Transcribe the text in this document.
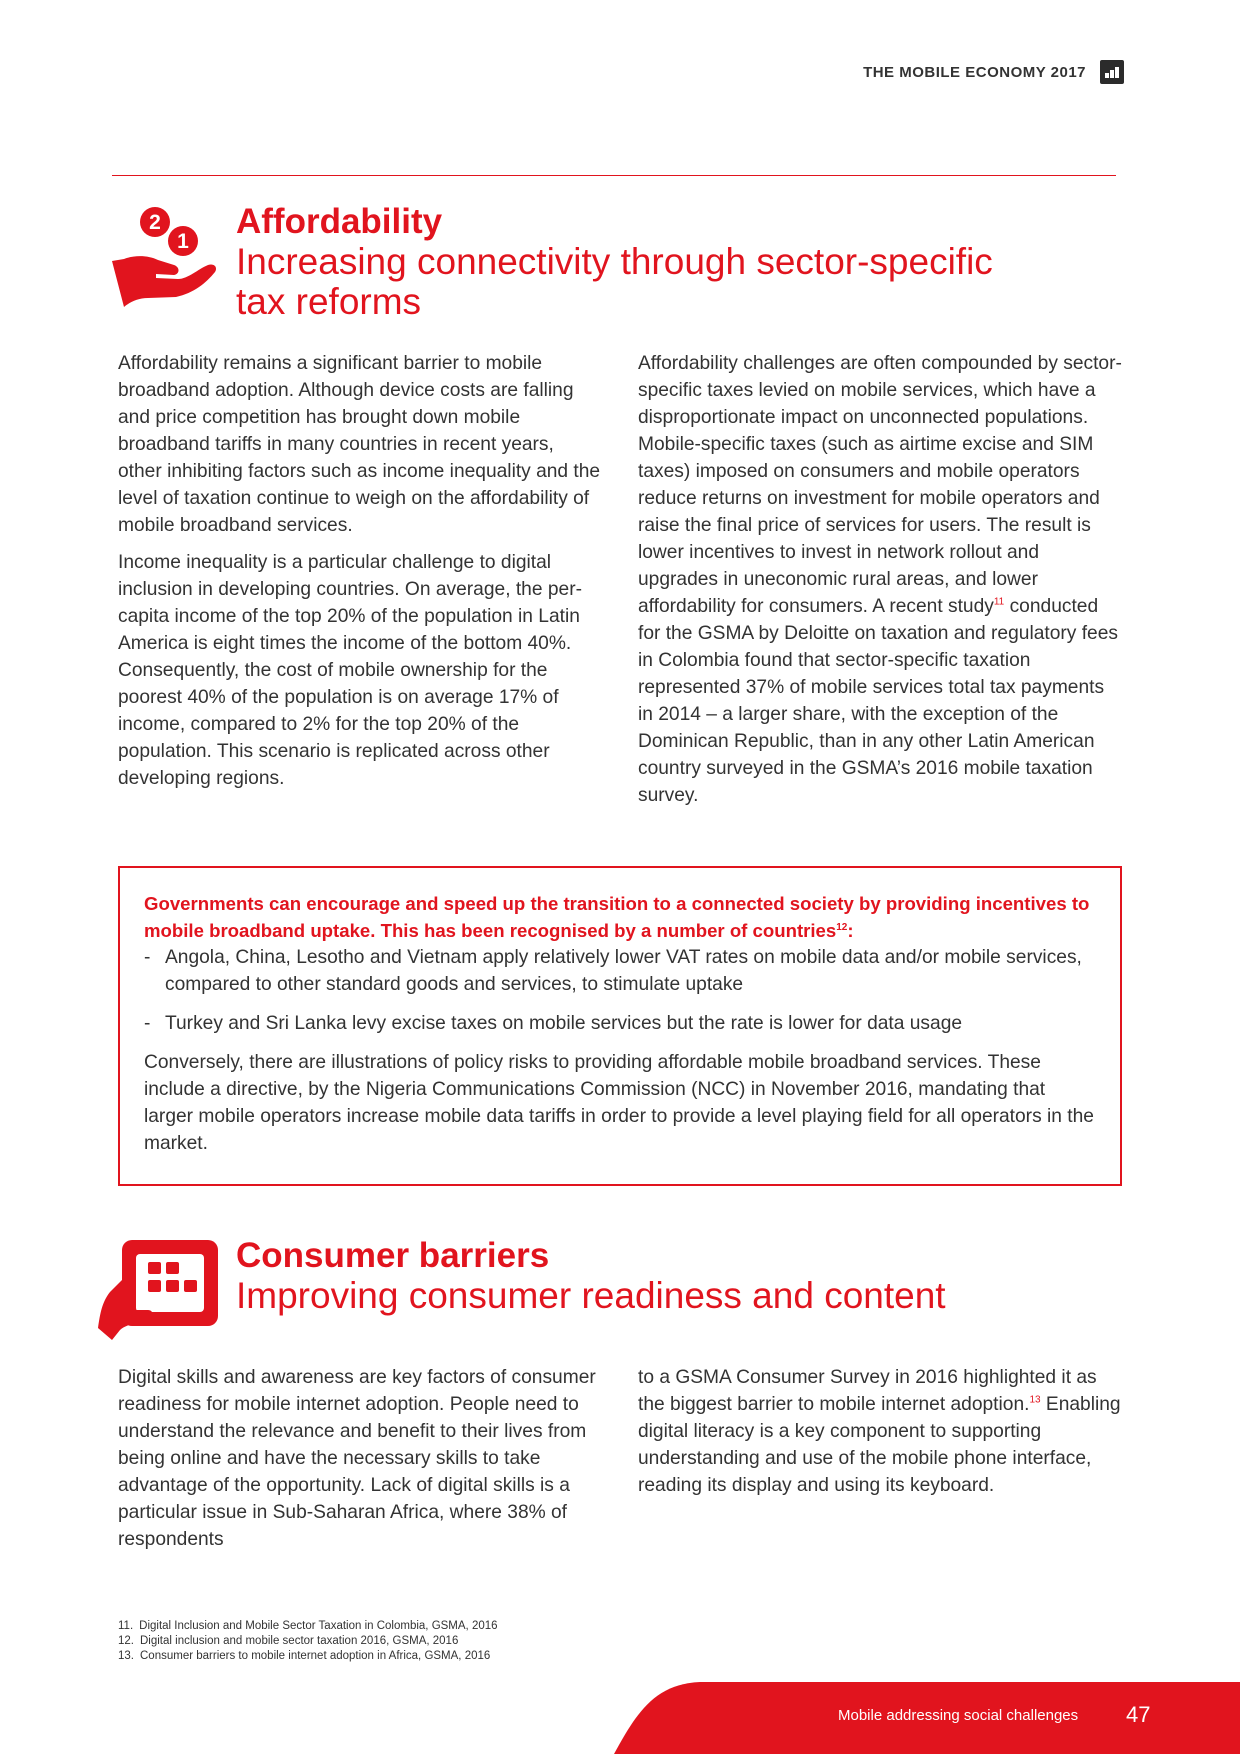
THE MOBILE ECONOMY 2017
2
1
Affordability
Increasing connectivity through sector-specific
tax reforms

Affordability remains a significant barrier to mobile broadband adoption. Although device costs are falling and price competition has brought down mobile broadband tariffs in many countries in recent years, other inhibiting factors such as income inequality and the level of taxation continue to weigh on the affordability of mobile broadband services.

Income inequality is a particular challenge to digital inclusion in developing countries. On average, the per-capita income of the top 20% of the population in Latin America is eight times the income of the bottom 40%. Consequently, the cost of mobile ownership for the poorest 40% of the population is on average 17% of income, compared to 2% for the top 20% of the population. This scenario is replicated across other developing regions.

Affordability challenges are often compounded by sector-specific taxes levied on mobile services, which have a disproportionate impact on unconnected populations. Mobile-specific taxes (such as airtime excise and SIM taxes) imposed on consumers and mobile operators reduce returns on investment for mobile operators and raise the final price of services for users. The result is lower incentives to invest in network rollout and upgrades in uneconomic rural areas, and lower affordability for consumers. A recent study$^{11}$ conducted for the GSMA by Deloitte on taxation and regulatory fees in Colombia found that sector-specific taxation represented 37% of mobile services total tax payments in 2014 – a larger share, with the exception of the Dominican Republic, than in any other Latin American country surveyed in the GSMA’s 2016 mobile taxation survey.

Governments can encourage and speed up the transition to a connected society by providing incentives to mobile broadband uptake. This has been recognised by a number of countries$^{12}$:

- Angola, China, Lesotho and Vietnam apply relatively lower VAT rates on mobile data and/or mobile services, compared to other standard goods and services, to stimulate uptake
- Turkey and Sri Lanka levy excise taxes on mobile services but the rate is lower for data usage

Conversely, there are illustrations of policy risks to providing affordable mobile broadband services. These include a directive, by the Nigeria Communications Commission (NCC) in November 2016, mandating that larger mobile operators increase mobile data tariffs in order to provide a level playing field for all operators in the market.

Consumer barriers
Improving consumer readiness and content

Digital skills and awareness are key factors of consumer readiness for mobile internet adoption. People need to understand the relevance and benefit to their lives from being online and have the necessary skills to take advantage of the opportunity. Lack of digital skills is a particular issue in Sub-Saharan Africa, where 38% of respondents

to a GSMA Consumer Survey in 2016 highlighted it as the biggest barrier to mobile internet adoption.$^{13}$ Enabling digital literacy is a key component to supporting understanding and use of the mobile phone interface, reading its display and using its keyboard.

11. Digital Inclusion and Mobile Sector Taxation in Colombia, GSMA, 2016
12. Digital inclusion and mobile sector taxation 2016, GSMA, 2016
13. Consumer barriers to mobile internet adoption in Africa, GSMA, 2016
Mobile addressing social challenges 47
